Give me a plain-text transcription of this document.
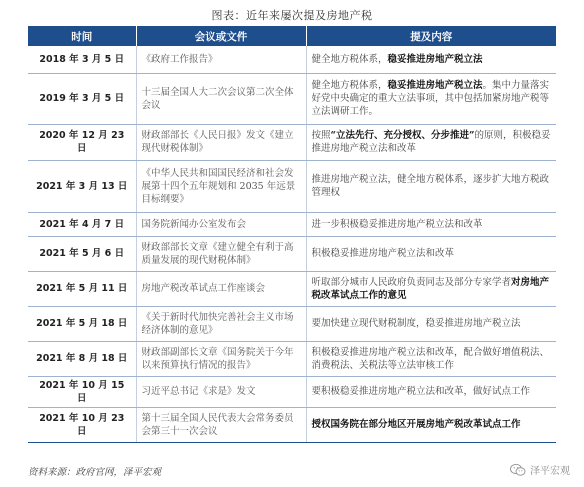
图表：近年来屡次提及房地产税
时间	会议或文件	提及内容
2018 年 3 月 5 日	《政府工作报告》	健全地方税体系，稳妥推进房地产税立法
2019 年 3 月 5 日	十三届全国人大二次会议第二次全体会议	健全地方税体系，稳妥推进房地产税立法。集中力量落实好党中央确定的重大立法事项，其中包括加紧房地产税等立法调研工作。
2020 年 12 月 23 日	财政部部长《人民日报》发文《建立现代财税体制》	按照“立法先行、充分授权、分步推进”的原则，积极稳妥推进房地产税立法和改革
2021 年 3 月 13 日	《中华人民共和国国民经济和社会发展第十四个五年规划和 2035 年远景目标纲要》	推进房地产税立法，健全地方税体系，逐步扩大地方税政管理权
2021 年 4 月 7 日	国务院新闻办公室发布会	进一步积极稳妥推进房地产税立法和改革
2021 年 5 月 6 日	财政部部长文章《建立健全有利于高质量发展的现代财税体制》	积极稳妥推进房地产税立法和改革
2021 年 5 月 11 日	房地产税改革试点工作座谈会	听取部分城市人民政府负责同志及部分专家学者对房地产税改革试点工作的意见
2021 年 5 月 18 日	《关于新时代加快完善社会主义市场经济体制的意见》	要加快建立现代财税制度，稳妥推进房地产税立法
2021 年 8 月 18 日	财政部副部长文章《国务院关于今年以来预算执行情况的报告》	积极稳妥推进房地产税立法和改革，配合做好增值税法、消费税法、关税法等立法审核工作
2021 年 10 月 15 日	习近平总书记《求是》发文	要积极稳妥推进房地产税立法和改革，做好试点工作
2021 年 10 月 23 日	第十三届全国人民代表大会常务委员会第三十一次会议	授权国务院在部分地区开展房地产税改革试点工作
资料来源：政府官网，泽平宏观	泽平宏观
